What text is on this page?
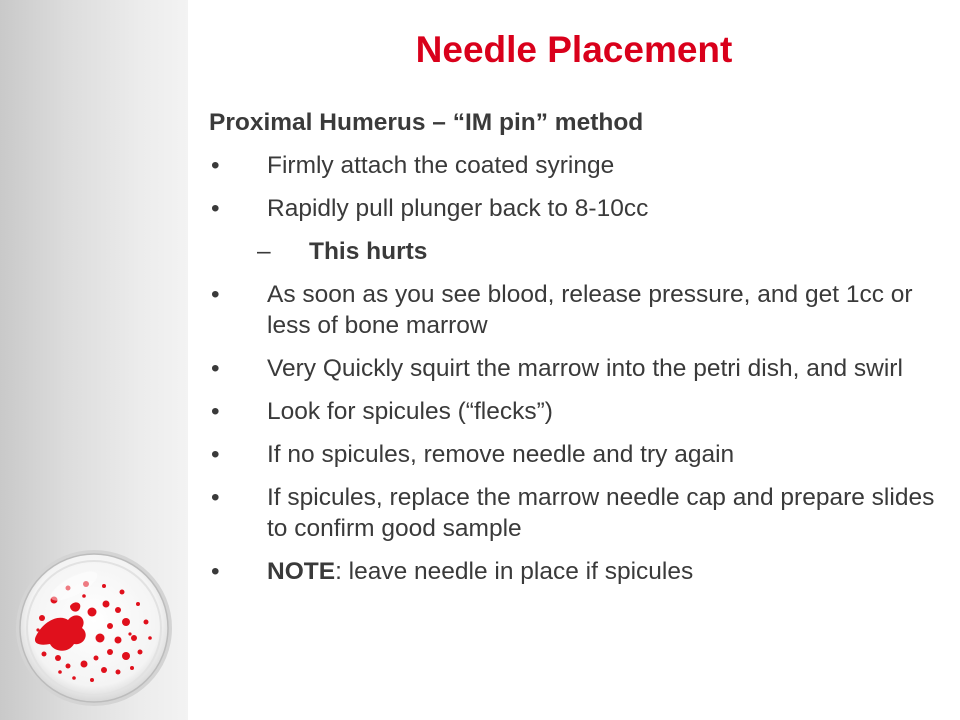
Needle Placement
Proximal Humerus – “IM pin” method
• Firmly attach the coated syringe
• Rapidly pull plunger back to 8-10cc
– This hurts
• As soon as you see blood, release pressure, and get 1cc or less of bone marrow
• Very Quickly squirt the marrow into the petri dish, and swirl
• Look for spicules (“flecks”)
• If no spicules, remove needle and try again
• If spicules, replace the marrow needle cap and prepare slides to confirm good sample
• NOTE: leave needle in place if spicules
